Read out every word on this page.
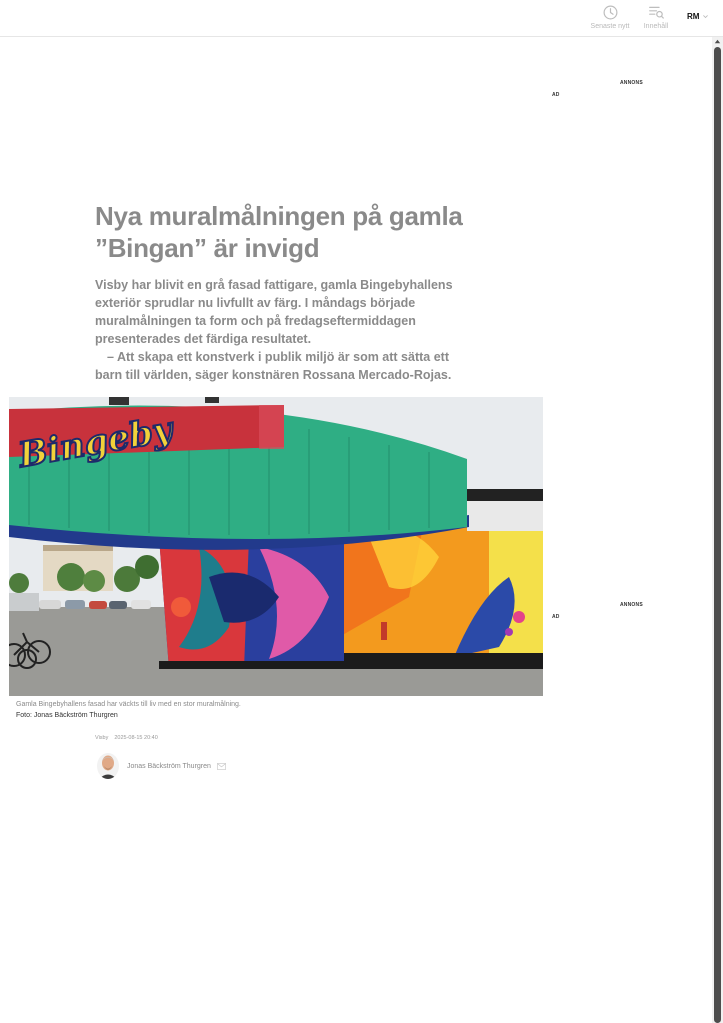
Senaste nytt Innehåll
RM
ANNONS
AD
ANNONS
AD
Nya muralmålningen på gamla ”Bingan” är invigd

Visby har blivit en grå fasad fattigare, gamla Bingebyhallens exteriör sprudlar nu livfullt av färg. I måndags började muralmålningen ta form och på fredagseftermiddagen presenterades det färdiga resultatet.

– Att skapa ett konstverk i publik miljö är som att sätta ett barn till världen, säger konstnären Rossana Mercado-Rojas.

Bingeby
Gamla Bingebyhallens fasad har väckts till liv med en stor muralmålning.
Foto: Jonas Bäckström Thurgren
Visby 2025-08-15 20:40
Jonas Bäckström Thurgren
